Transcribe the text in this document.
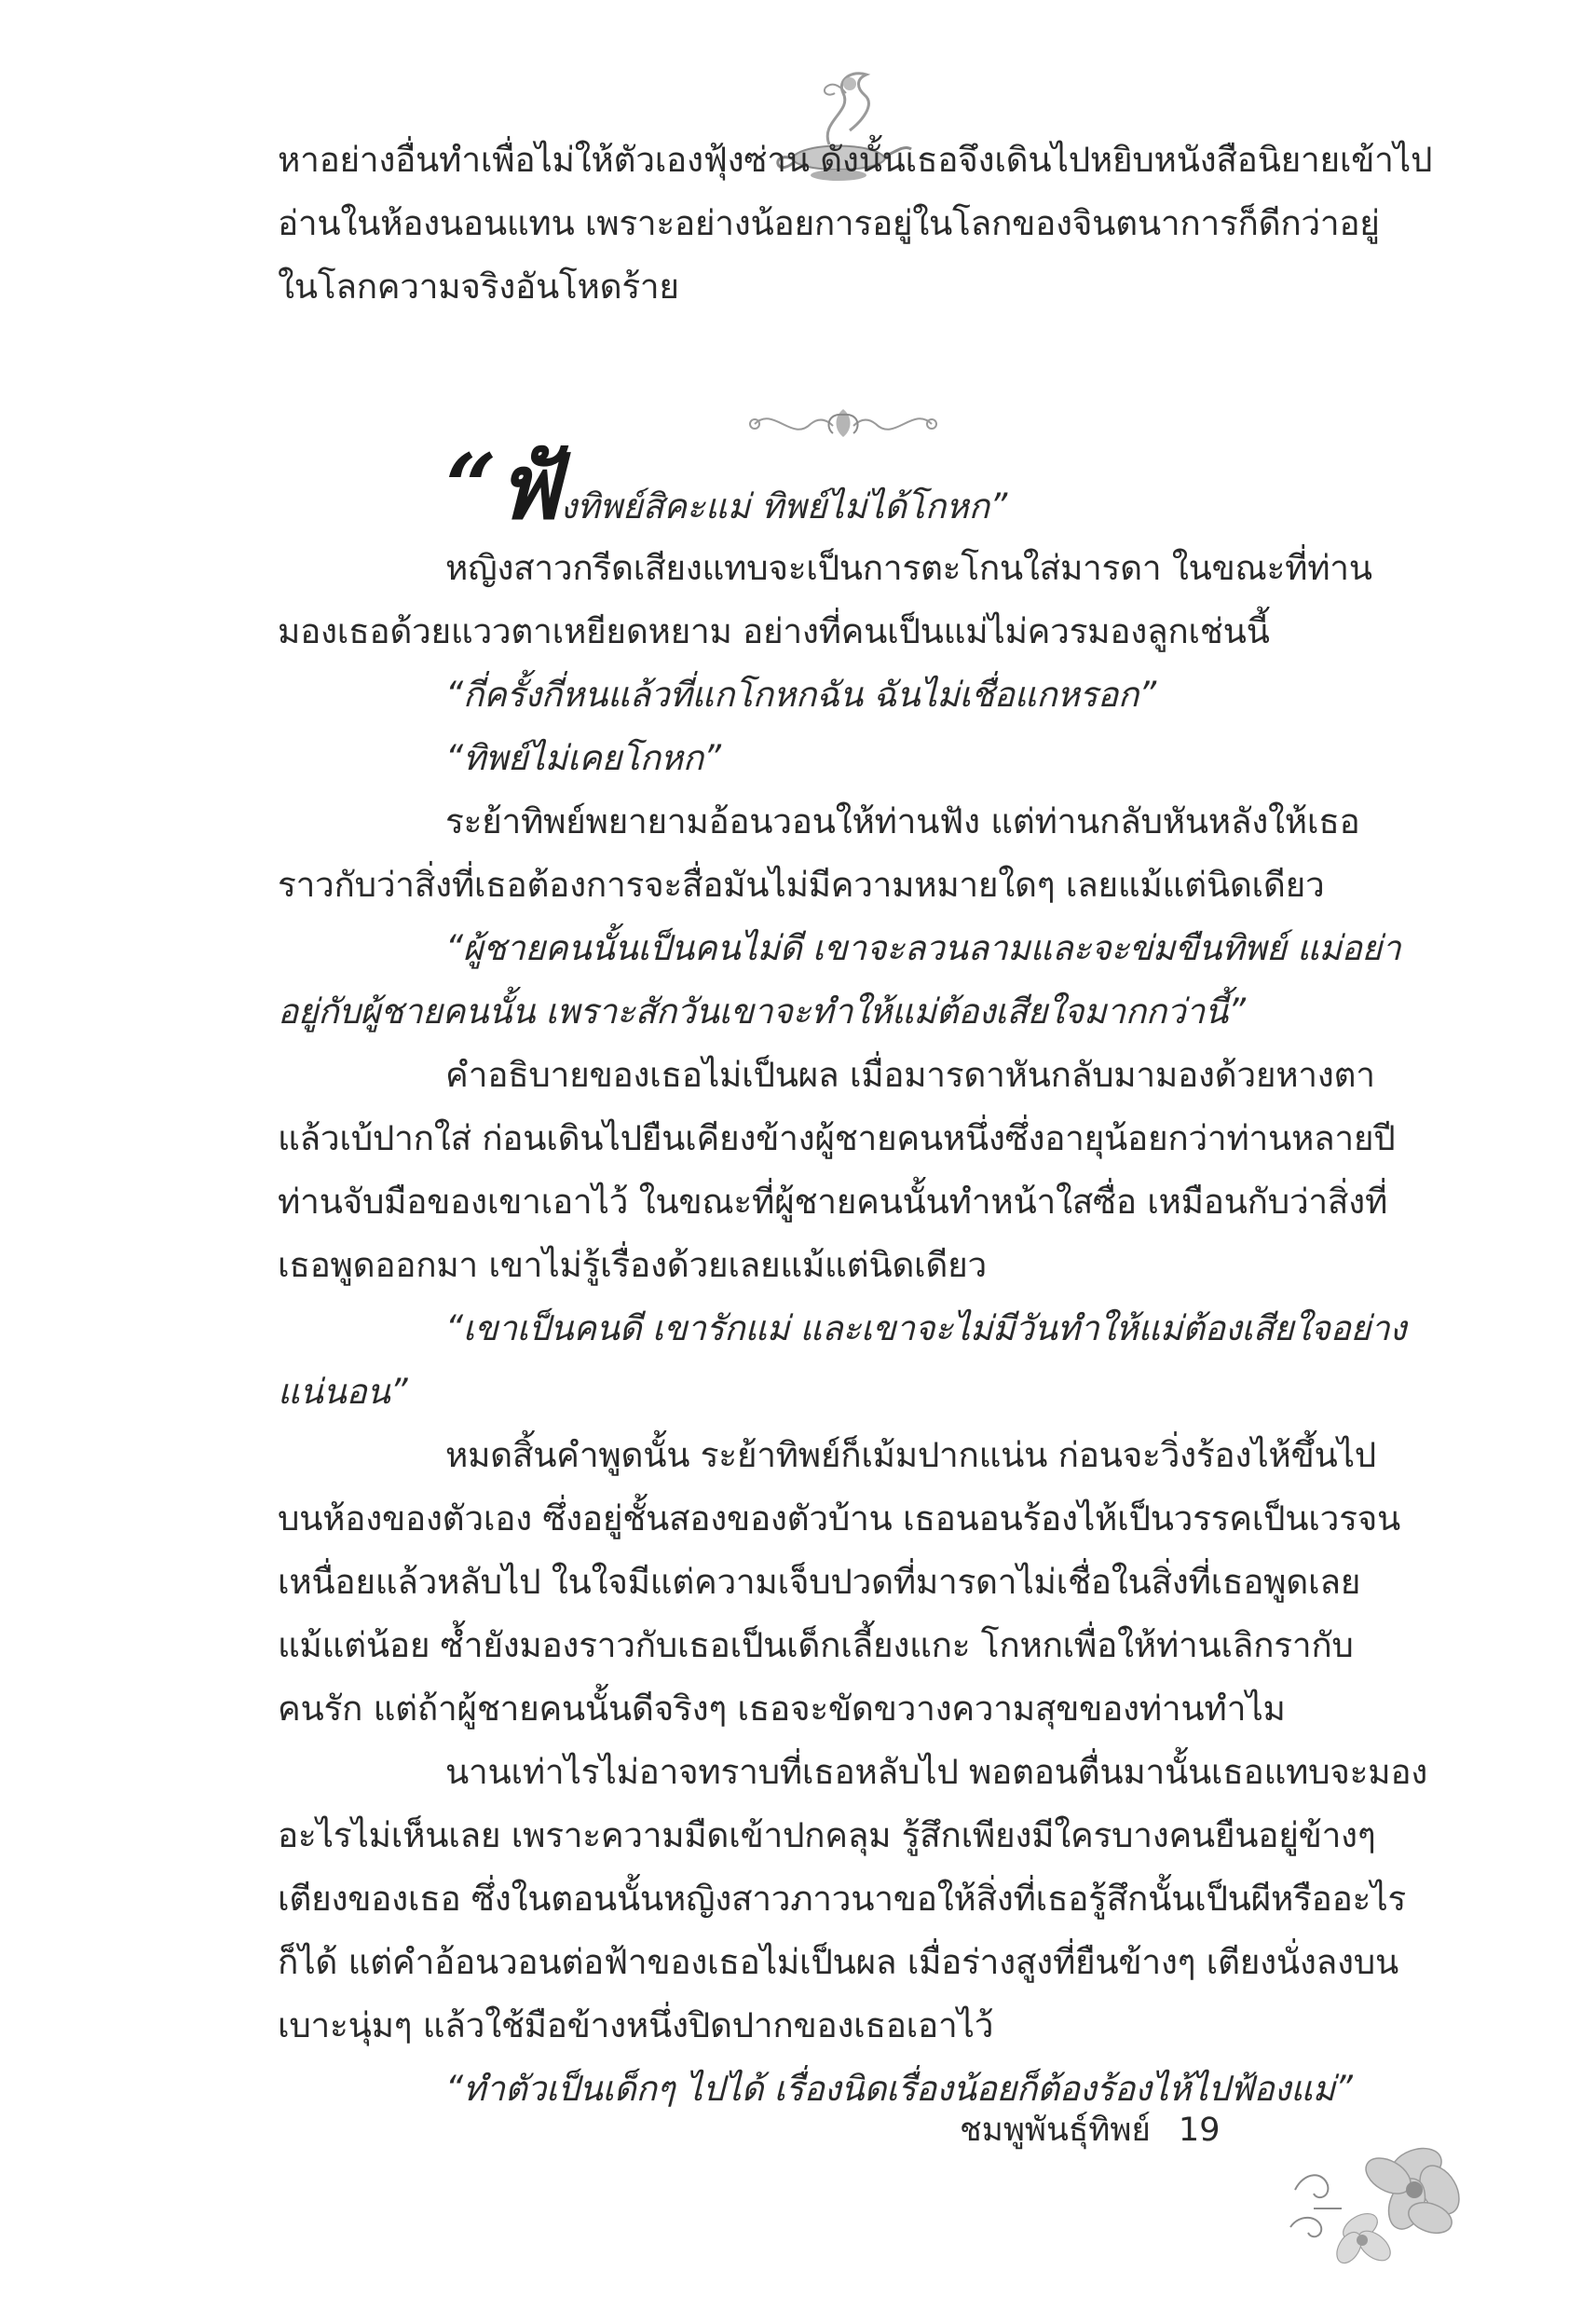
หาอย่างอื่นทำเพื่อไม่ให้ตัวเองฟุ้งซ่าน ดังนั้นเธอจึงเดินไปหยิบหนังสือนิยายเข้าไป
อ่านในห้องนอนแทน เพราะอย่างน้อยการอยู่ในโลกของจินตนาการก็ดีกว่าอยู่
ในโลกความจริงอันโหดร้าย
“ฟังทิพย์สิคะแม่ ทิพย์ไม่ได้โกหก”
หญิงสาวกรีดเสียงแทบจะเป็นการตะโกนใส่มารดา ในขณะที่ท่าน
มองเธอด้วยแววตาเหยียดหยาม อย่างที่คนเป็นแม่ไม่ควรมองลูกเช่นนี้
“กี่ครั้งกี่หนแล้วที่แกโกหกฉัน ฉันไม่เชื่อแกหรอก”
“ทิพย์ไม่เคยโกหก”
ระย้าทิพย์พยายามอ้อนวอนให้ท่านฟัง แต่ท่านกลับหันหลังให้เธอ
ราวกับว่าสิ่งที่เธอต้องการจะสื่อมันไม่มีความหมายใดๆ เลยแม้แต่นิดเดียว
“ผู้ชายคนนั้นเป็นคนไม่ดี เขาจะลวนลามและจะข่มขืนทิพย์ แม่อย่า
อยู่กับผู้ชายคนนั้น เพราะสักวันเขาจะทำให้แม่ต้องเสียใจมากกว่านี้”
คำอธิบายของเธอไม่เป็นผล เมื่อมารดาหันกลับมามองด้วยหางตา
แล้วเบ้ปากใส่ ก่อนเดินไปยืนเคียงข้างผู้ชายคนหนึ่งซึ่งอายุน้อยกว่าท่านหลายปี
ท่านจับมือของเขาเอาไว้ ในขณะที่ผู้ชายคนนั้นทำหน้าใสซื่อ เหมือนกับว่าสิ่งที่
เธอพูดออกมา เขาไม่รู้เรื่องด้วยเลยแม้แต่นิดเดียว
“เขาเป็นคนดี เขารักแม่ และเขาจะไม่มีวันทำให้แม่ต้องเสียใจอย่าง
แน่นอน”
หมดสิ้นคำพูดนั้น ระย้าทิพย์ก็เม้มปากแน่น ก่อนจะวิ่งร้องไห้ขึ้นไป
บนห้องของตัวเอง ซึ่งอยู่ชั้นสองของตัวบ้าน เธอนอนร้องไห้เป็นวรรคเป็นเวรจน
เหนื่อยแล้วหลับไป ในใจมีแต่ความเจ็บปวดที่มารดาไม่เชื่อในสิ่งที่เธอพูดเลย
แม้แต่น้อย ซ้ำยังมองราวกับเธอเป็นเด็กเลี้ยงแกะ โกหกเพื่อให้ท่านเลิกรากับ
คนรัก แต่ถ้าผู้ชายคนนั้นดีจริงๆ เธอจะขัดขวางความสุขของท่านทำไม
นานเท่าไรไม่อาจทราบที่เธอหลับไป พอตอนตื่นมานั้นเธอแทบจะมอง
อะไรไม่เห็นเลย เพราะความมืดเข้าปกคลุม รู้สึกเพียงมีใครบางคนยืนอยู่ข้างๆ
เตียงของเธอ ซึ่งในตอนนั้นหญิงสาวภาวนาขอให้สิ่งที่เธอรู้สึกนั้นเป็นผีหรืออะไร
ก็ได้ แต่คำอ้อนวอนต่อฟ้าของเธอไม่เป็นผล เมื่อร่างสูงที่ยืนข้างๆ เตียงนั่งลงบน
เบาะนุ่มๆ แล้วใช้มือข้างหนึ่งปิดปากของเธอเอาไว้
“ทำตัวเป็นเด็กๆ ไปได้ เรื่องนิดเรื่องน้อยก็ต้องร้องไห้ไปฟ้องแม่”
ชมพูพันธุ์ทิพย์ 19
